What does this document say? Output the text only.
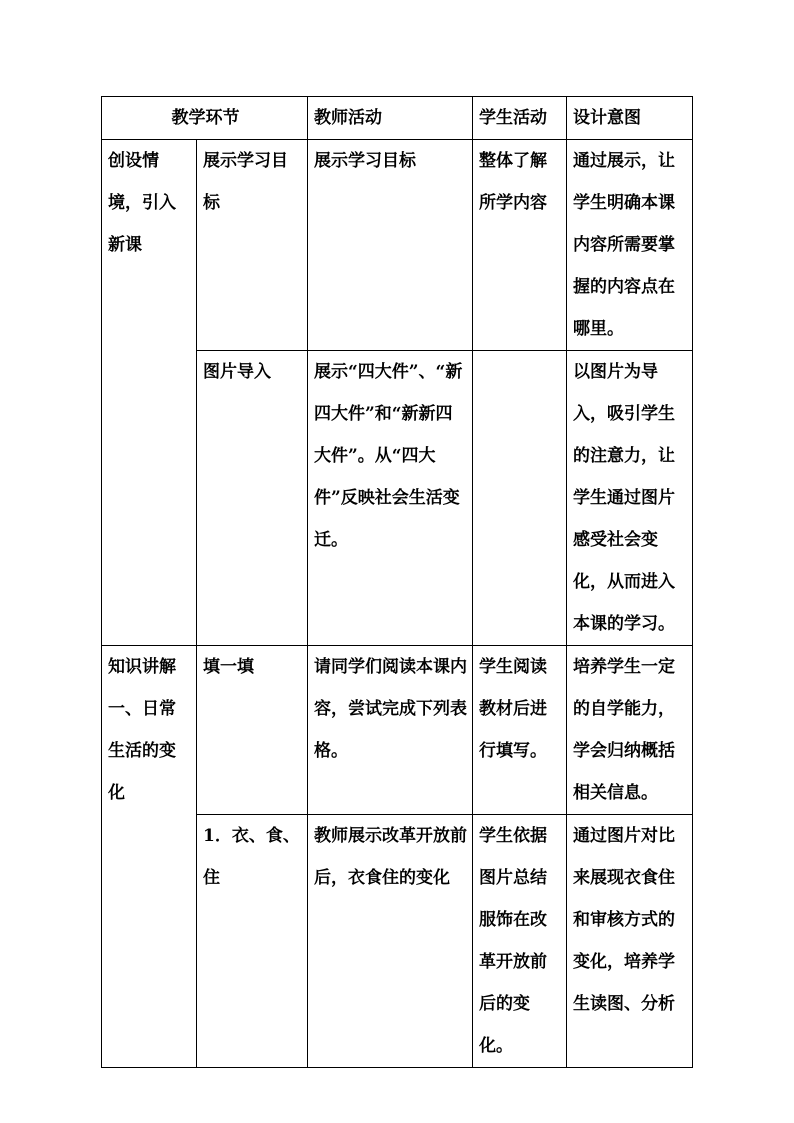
教学环节		教师活动	学生活动	设计意图

创设情境，引入新课	展示学习目标	展示学习目标	整体了解所学内容	通过展示，让学生明确本课内容所需要掌握的内容点在哪里。

	图片导入	展示“四大件”、“新四大件”和“新新四大件”。从“四大件”反映社会生活变迁。		以图片为导入，吸引学生的注意力，让学生通过图片感受社会变化，从而进入本课的学习。

知识讲解一、日常生活的变化	填一填	请同学们阅读本课内容，尝试完成下列表格。	学生阅读教材后进行填写。	培养学生一定的自学能力，学会归纳概括相关信息。

	1．衣、食、住	教师展示改革开放前后，衣食住的变化	学生依据图片总结服饰在改革开放前后的变化。	通过图片对比来展现衣食住和审核方式的变化，培养学生读图、分析
